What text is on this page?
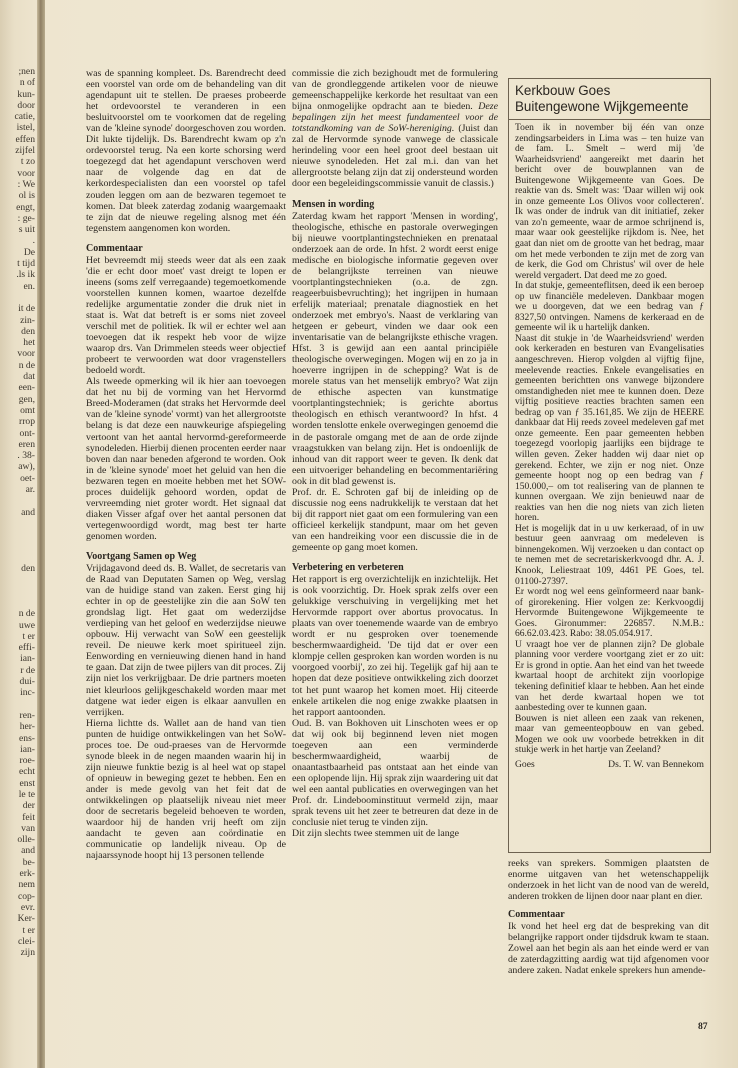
;nen
n of
kun-
door
catie,
istel,
effen
zijfel
t zo
voor
: We
ol is
engt,
: ge-
s uit
.
De
t tijd
.ls ik
en.

it de
zin-
den
het
voor
n de
dat
een-
gen,
omt
rrop
ont-
eren
. 38-
aw),
oet-
ar.

and

den

n de
uwe
t er
effi-
ian-
r de
dui-
inc-

ren-
her-
ens-
ian-
roe-
echt
enst
le te
der
feit
van
olle-
and
be-
erk-
nem
cop-
evr.
Ker-
t er
clei-
zijn

was de spanning kompleet. Ds. Barendrecht deed een voorstel van orde om de behandeling van dit agendapunt uit te stellen. De praeses probeerde het ordevoorstel te veranderen in een besluitvoorstel om te voorkomen dat de regeling van de 'kleine synode' doorgeschoven zou worden. Dit lukte tijdelijk. Ds. Barendrecht kwam op z'n ordevoorstel terug. Na een korte schorsing werd toegezegd dat het agendapunt verschoven werd naar de volgende dag en dat de kerkordespecialisten dan een voorstel op tafel zouden leggen om aan de bezwaren tegemoet te komen. Dat bleek zaterdag zodanig waargemaakt te zijn dat de nieuwe regeling alsnog met één tegenstem aangenomen kon worden.

Commentaar

Het bevreemdt mij steeds weer dat als een zaak 'die er echt door moet' vast dreigt te lopen er ineens (soms zelf verregaande) tegemoetkomende voorstellen kunnen komen, waartoe dezelfde redelijke argumentatie zonder die druk niet in staat is. Wat dat betreft is er soms niet zoveel verschil met de politiek. Ik wil er echter wel aan toevoegen dat ik respekt heb voor de wijze waarop drs. Van Drimmelen steeds weer objectief probeert te verwoorden wat door vragenstellers bedoeld wordt.

Als tweede opmerking wil ik hier aan toevoegen dat het nu bij de vorming van het Hervormd Breed-Moderamen (dat straks het Hervormde deel van de 'kleine synode' vormt) van het allergrootste belang is dat deze een nauwkeurige afspiegeling vertoont van het aantal hervormd-gereformeerde synodeleden. Hierbij dienen procenten eerder naar boven dan naar beneden afgerond te worden. Ook in de 'kleine synode' moet het geluid van hen die bezwaren tegen en moeite hebben met het SOW-proces duidelijk gehoord worden, opdat de vervreemding niet groter wordt. Het signaal dat diaken Visser afgaf over het aantal personen dat vertegenwoordigd wordt, mag best ter harte genomen worden.

Voortgang Samen op Weg

Vrijdagavond deed ds. B. Wallet, de secretaris van de Raad van Deputaten Samen op Weg, verslag van de huidige stand van zaken. Eerst ging hij echter in op de geestelijke zin die aan SoW ten grondslag ligt. Het gaat om wederzijdse verdieping van het geloof en wederzijdse nieuwe opbouw. Hij verwacht van SoW een geestelijk reveil. De nieuwe kerk moet spiritueel zijn. Eenwording en vernieuwing dienen hand in hand te gaan. Dat zijn de twee pijlers van dit proces. Zij zijn niet los verkrijgbaar. De drie partners moeten niet kleurloos gelijkgeschakeld worden maar met datgene wat ieder eigen is elkaar aanvullen en verrijken.

Hierna lichtte ds. Wallet aan de hand van tien punten de huidige ontwikkelingen van het SoW-proces toe. De oud-praeses van de Hervormde synode bleek in de negen maanden waarin hij in zijn nieuwe funktie bezig is al heel wat op stapel of opnieuw in beweging gezet te hebben. Een en ander is mede gevolg van het feit dat de ontwikkelingen op plaatselijk niveau niet meer door de secretaris begeleid behoeven te worden, waardoor hij de handen vrij heeft om zijn aandacht te geven aan coördinatie en communicatie op landelijk niveau. Op de najaarssynode hoopt hij 13 personen tellende

commissie die zich bezighoudt met de formulering van de grondleggende artikelen voor de nieuwe gemeenschappelijke kerkorde het resultaat van een bijna onmogelijke opdracht aan te bieden. Deze bepalingen zijn het meest fundamenteel voor de totstandkoming van de SoW-hereniging. (Juist dan zal de Hervormde synode vanwege de classicale herindeling voor een heel groot deel bestaan uit nieuwe synodeleden. Het zal m.i. dan van het allergrootste belang zijn dat zij ondersteund worden door een begeleidingscommissie vanuit de classis.)

Mensen in wording

Zaterdag kwam het rapport 'Mensen in wording', theologische, ethische en pastorale overwegingen bij nieuwe voortplantingstechnieken en prenataal onderzoek aan de orde. In hfst. 2 wordt eerst enige medische en biologische informatie gegeven over de belangrijkste terreinen van nieuwe voortplantingstechnieken (o.a. de zgn. reageerbuisbevruchting); het ingrijpen in humaan erfelijk materiaal; prenatale diagnostiek en het onderzoek met embryo's. Naast de verklaring van hetgeen er gebeurt, vinden we daar ook een inventarisatie van de belangrijkste ethische vragen. Hfst. 3 is gewijd aan een aantal principiële theologische overwegingen. Mogen wij en zo ja in hoeverre ingrijpen in de schepping? Wat is de morele status van het menselijk embryo? Wat zijn de ethische aspecten van kunstmatige voortplantingstechniek; is gerichte abortus theologisch en ethisch verantwoord? In hfst. 4 worden tenslotte enkele overwegingen genoemd die in de pastorale omgang met de aan de orde zijnde vraagstukken van belang zijn. Het is ondoenlijk de inhoud van dit rapport weer te geven. Ik denk dat een uitvoeriger behandeling en becommentariëring ook in dit blad gewenst is.

Prof. dr. E. Schroten gaf bij de inleiding op de discussie nog eens nadrukkelijk te verstaan dat het bij dit rapport niet gaat om een formulering van een officieel kerkelijk standpunt, maar om het geven van een handreiking voor een discussie die in de gemeente op gang moet komen.

Verbetering en verbeteren

Het rapport is erg overzichtelijk en inzichtelijk. Het is ook voorzichtig. Dr. Hoek sprak zelfs over een gelukkige verschuiving in vergelijking met het Hervormde rapport over abortus provocatus. In plaats van over toenemende waarde van de embryo wordt er nu gesproken over toenemende beschermwaardigheid. 'De tijd dat er over een klompje cellen gesproken kan worden worden is nu voorgoed voorbij', zo zei hij. Tegelijk gaf hij aan te hopen dat deze positieve ontwikkeling zich doorzet tot het punt waarop het komen moet. Hij citeerde enkele artikelen die nog enige zwakke plaatsen in het rapport aantoonden.

Oud. B. van Bokhoven uit Linschoten wees er op dat wij ook bij beginnend leven niet mogen toegeven aan een verminderde beschermwaardigheid, waarbij de onaantastbaarheid pas ontstaat aan het einde van een oplopende lijn. Hij sprak zijn waardering uit dat wel een aantal publicaties en overwegingen van het Prof. dr. Lindeboominstituut vermeld zijn, maar sprak tevens uit het zeer te betreuren dat deze in de conclusie niet terug te vinden zijn.

Dit zijn slechts twee stemmen uit de lange

Kerkbouw Goes
Buitengewone Wijkgemeente

Toen ik in november bij één van onze zendingsarbeiders in Lima was – ten huize van de fam. L. Smelt – werd mij 'de Waarheidsvriend' aangereikt met daarin het bericht over de bouwplannen van de Buitengewone Wijkgemeente van Goes. De reaktie van ds. Smelt was: 'Daar willen wij ook in onze gemeente Los Olivos voor collecteren'. Ik was onder de indruk van dit initiatief, zeker van zo'n gemeente, waar de armoe schrijnend is, maar waar ook geestelijke rijkdom is. Nee, het gaat dan niet om de grootte van het bedrag, maar om het mede verbonden te zijn met de zorg van de kerk, die God om Christus' wil over de hele wereld vergadert. Dat deed me zo goed.

In dat stukje, gemeenteflitsen, deed ik een beroep op uw financiële medeleven. Dankbaar mogen we u doorgeven, dat we een bedrag van ƒ 8327,50 ontvingen. Namens de kerkeraad en de gemeente wil ik u hartelijk danken.

Naast dit stukje in 'de Waarheidsvriend' werden ook kerkeraden en besturen van Evangelisaties aangeschreven. Hierop volgden al vijftig fijne, meelevende reacties. Enkele evangelisaties en gemeenten berichtten ons vanwege bijzondere omstandigheden niet mee te kunnen doen. Deze vijftig positieve reacties brachten samen een bedrag op van ƒ 35.161,85. We zijn de HEERE dankbaar dat Hij reeds zoveel medeleven gaf met onze gemeente. Een paar gemeenten hebben toegezegd voorlopig jaarlijks een bijdrage te willen geven. Zeker hadden wij daar niet op gerekend. Echter, we zijn er nog niet. Onze gemeente hoopt nog op een bedrag van ƒ 150.000,– om tot realisering van de plannen te kunnen overgaan. We zijn benieuwd naar de reakties van hen die nog niets van zich lieten horen.

Het is mogelijk dat in u uw kerkeraad, of in uw bestuur geen aanvraag om medeleven is binnengekomen. Wij verzoeken u dan contact op te nemen met de secretariskerkvoogd dhr. A. J. Knook, Leliestraat 109, 4461 PE Goes, tel. 01100-27397.

Er wordt nog wel eens geïnformeerd naar bank- of girorekening. Hier volgen ze: Kerkvoogdij Hervormde Buitengewone Wijkgemeente te Goes. Gironummer: 226857. N.M.B.: 66.62.03.423. Rabo: 38.05.054.917.

U vraagt hoe ver de plannen zijn? De globale planning voor verdere voortgang ziet er zo uit: Er is grond in optie. Aan het eind van het tweede kwartaal hoopt de architekt zijn voorlopige tekening definitief klaar te hebben. Aan het einde van het derde kwartaal hopen we tot aanbesteding over te kunnen gaan.

Bouwen is niet alleen een zaak van rekenen, maar van gemeenteopbouw en van gebed. Mogen we ook uw voorbede betrekken in dit stukje werk in het hartje van Zeeland?

Goes	Ds. T. W. van Bennekom

reeks van sprekers. Sommigen plaatsten de enorme uitgaven van het wetenschappelijk onderzoek in het licht van de nood van de wereld, anderen trokken de lijnen door naar plant en dier.

Commentaar

Ik vond het heel erg dat de bespreking van dit belangrijke rapport onder tijdsdruk kwam te staan. Zowel aan het begin als aan het einde werd er van de zaterdagzitting aardig wat tijd afgenomen voor andere zaken. Nadat enkele sprekers hun amende-

87
